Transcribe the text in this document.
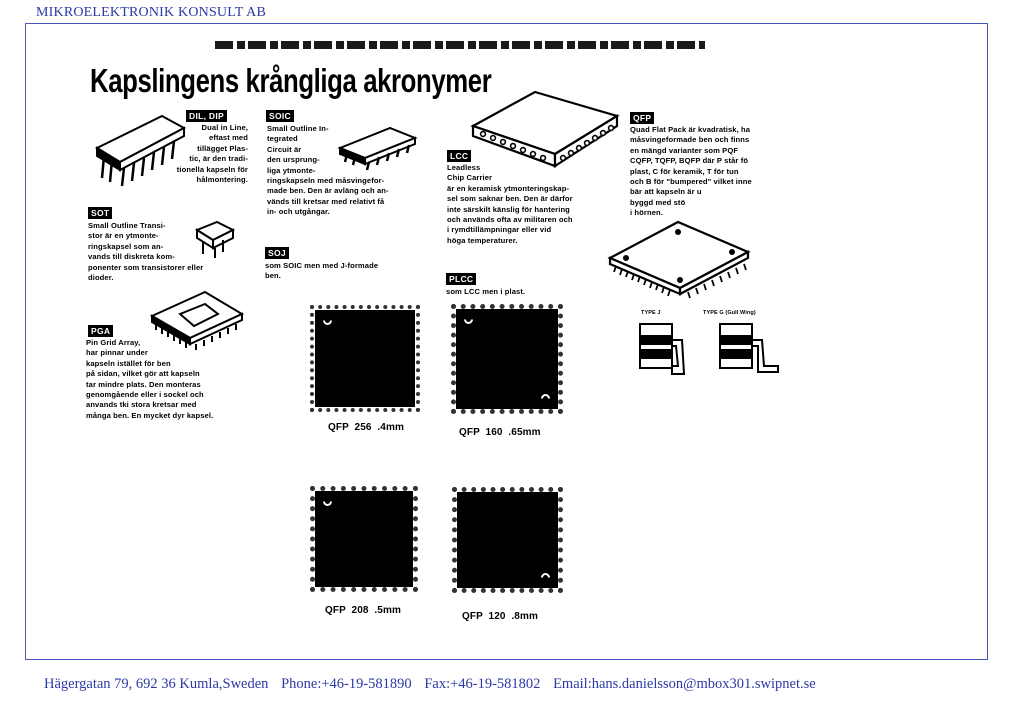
MIKROELEKTRONIK KONSULT AB
Kapslingens krångliga akronymer
DIL, DIP
Dual in Line,
eftast med
tillägget Plas-
tic, är den tradi-
tionella kapseln för
hålmontering.
SOT
Small Outline Transi-
stor är en ytmonte-
ringskapsel som an-
vands till diskreta kom-
ponenter som transistorer eller
dioder.
PGA
Pin Grid Array,
har pinnar under
kapseln istället för ben
på sidan, vilket gör att kapseln
tar mindre plats. Den monteras
genomgående eller i sockel och
anvands tki stora kretsar med
många ben. En mycket dyr kapsel.
SOIC
Small Outline In-
tegrated
Circuit är
den ursprung-
liga ytmonte-
ringskapseln med måsvingefor-
made ben. Den är avläng och an-
vänds till kretsar med relativt få
in- och utgångar.
SOJ
som SOIC men med J-formade
ben.
LCC
Leadless
Chip Carrier
är en keramisk ytmonteringskap-
sel som saknar ben. Den är därfor
inte särskilt känslig för hantering
och används ofta av militaren och
i rymdtillämpningar eller vid
höga temperaturer.
PLCC
som LCC men i plast.
QFP
Quad Flat Pack är kvadratisk, ha
måsvingeformade ben och finns
en mängd varianter som PQF
CQFP, TQFP, BQFP där P står fö
plast, C för keramik, T för tun
och B för "bumpered" vilket inne
bär att kapseln är u
byggd med stö
i hörnen.
TYPE J	TYPE G (Gull Wing)
QFP 256 .4mm	QFP 160 .65mm
QFP 208 .5mm
QFP 120 .8mm
Hägergatan 79, 692 36 Kumla,Sweden Phone:+46-19-581890 Fax:+46-19-581802 Email:hans.danielsson@mbox301.swipnet.se
